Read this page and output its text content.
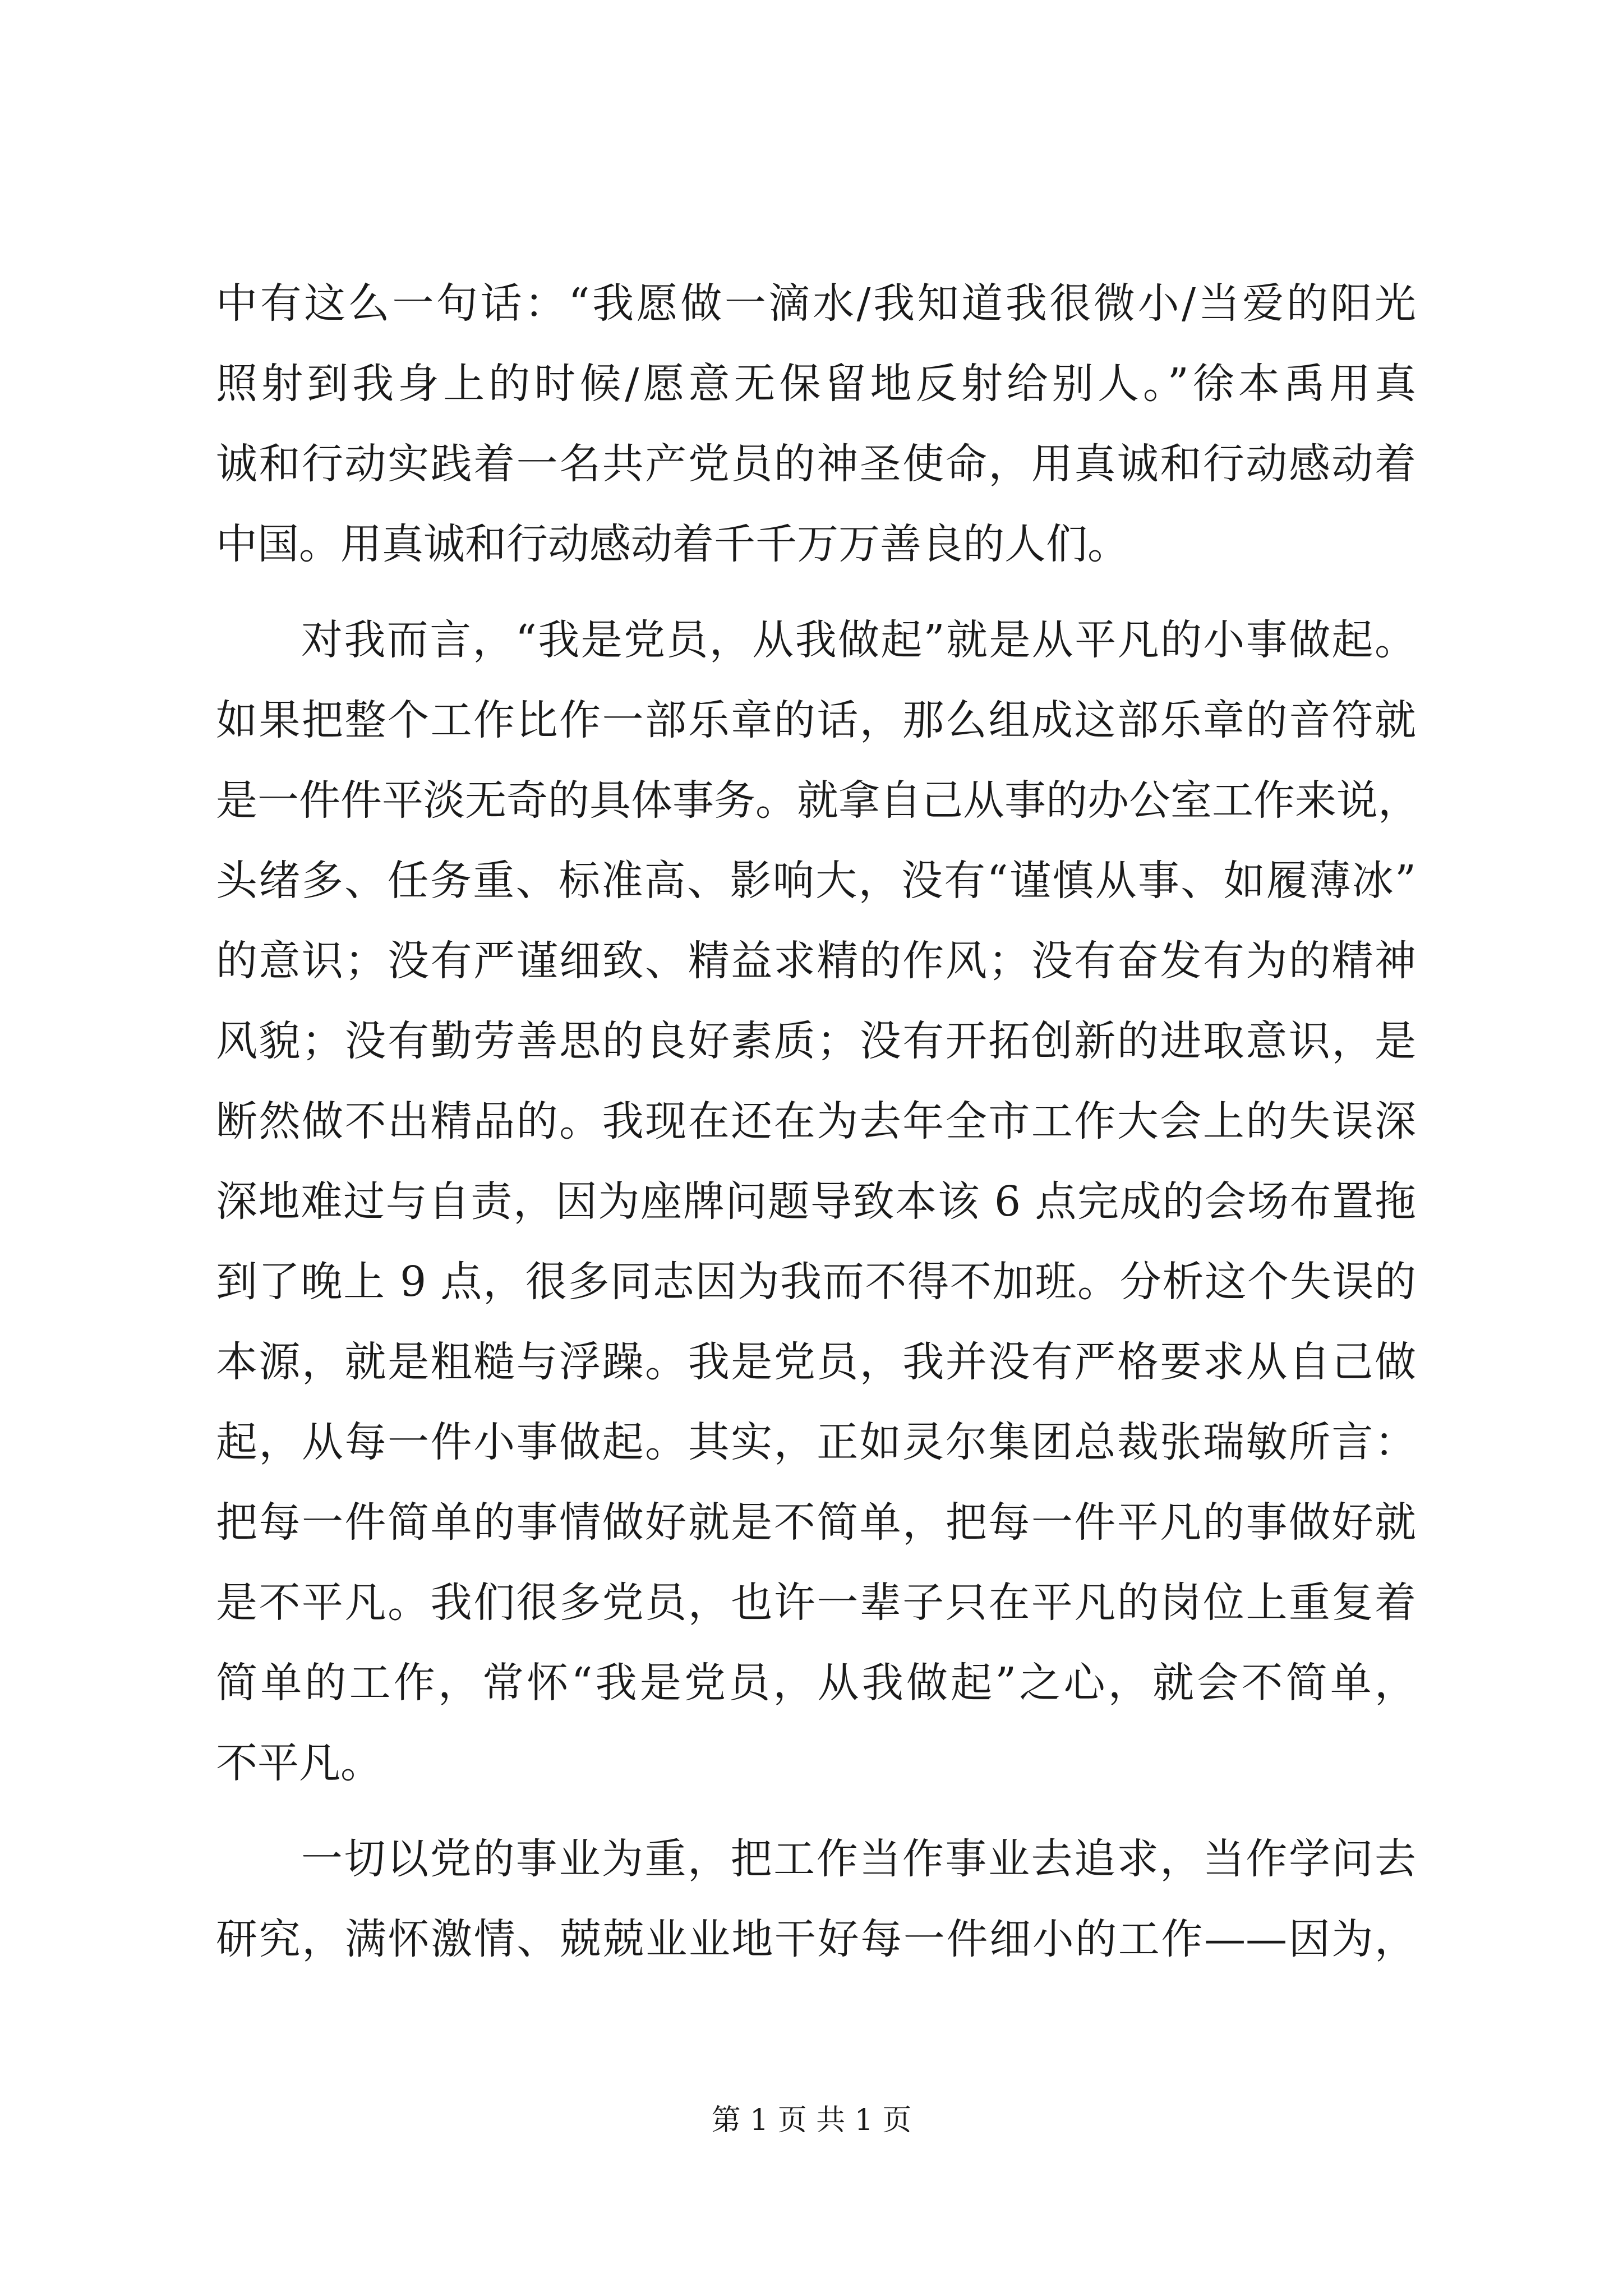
中有这么一句话：“我愿做一滴水/我知道我很微小/当爱的阳光
照射到我身上的时候/愿意无保留地反射给别人。”徐本禹用真
诚和行动实践着一名共产党员的神圣使命，用真诚和行动感动着
中国。用真诚和行动感动着千千万万善良的人们。
对我而言，“我是党员，从我做起”就是从平凡的小事做起。
如果把整个工作比作一部乐章的话，那么组成这部乐章的音符就
是一件件平淡无奇的具体事务。就拿自己从事的办公室工作来说，
头绪多、任务重、标准高、影响大，没有“谨慎从事、如履薄冰”
的意识；没有严谨细致、精益求精的作风；没有奋发有为的精神
风貌；没有勤劳善思的良好素质；没有开拓创新的进取意识，是
断然做不出精品的。我现在还在为去年全市工作大会上的失误深
深地难过与自责，因为座牌问题导致本该 6 点完成的会场布置拖
到了晚上 9 点，很多同志因为我而不得不加班。分析这个失误的
本源，就是粗糙与浮躁。我是党员，我并没有严格要求从自己做
起，从每一件小事做起。其实，正如灵尔集团总裁张瑞敏所言：
把每一件简单的事情做好就是不简单，把每一件平凡的事做好就
是不平凡。我们很多党员，也许一辈子只在平凡的岗位上重复着
简单的工作，常怀“我是党员，从我做起”之心，就会不简单，
不平凡。
一切以党的事业为重，把工作当作事业去追求，当作学问去
研究，满怀激情、兢兢业业地干好每一件细小的工作——因为，
第 1 页 共 1 页
